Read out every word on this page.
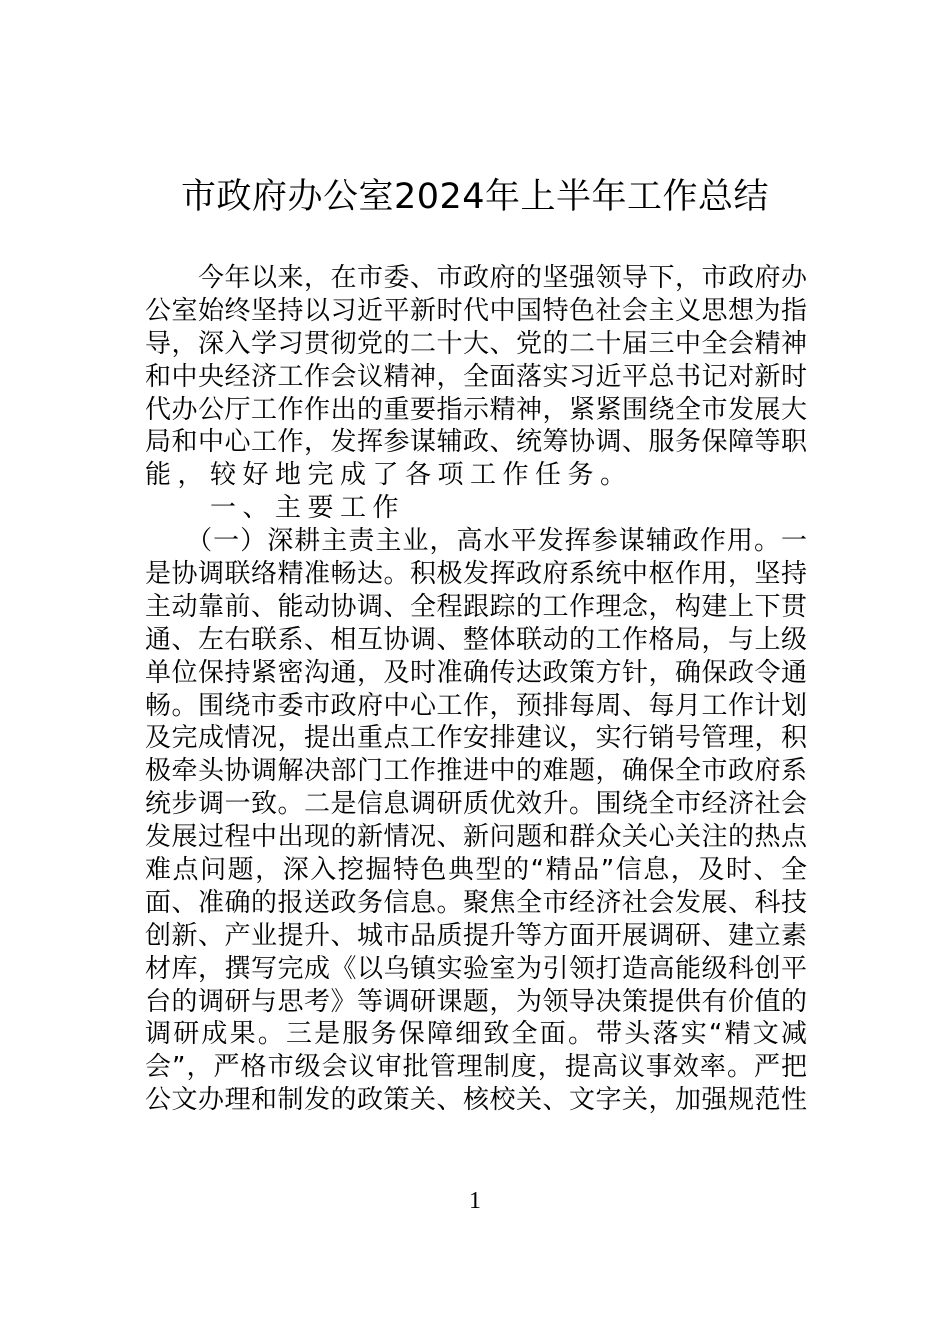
市政府办公室2024年上半年工作总结
　　今年以来，在市委、市政府的坚强领导下，市政府办
公室始终坚持以习近平新时代中国特色社会主义思想为指
导，深入学习贯彻党的二十大、党的二十届三中全会精神
和中央经济工作会议精神，全面落实习近平总书记对新时
代办公厅工作作出的重要指示精神，紧紧围绕全市发展大
局和中心工作，发挥参谋辅政、统筹协调、服务保障等职
能，较好地完成了各项工作任务。
　　一、主要工作
　　（一）深耕主责主业，高水平发挥参谋辅政作用。一
是协调联络精准畅达。积极发挥政府系统中枢作用，坚持
主动靠前、能动协调、全程跟踪的工作理念，构建上下贯
通、左右联系、相互协调、整体联动的工作格局，与上级
单位保持紧密沟通，及时准确传达政策方针，确保政令通
畅。围绕市委市政府中心工作，预排每周、每月工作计划
及完成情况，提出重点工作安排建议，实行销号管理，积
极牵头协调解决部门工作推进中的难题，确保全市政府系
统步调一致。二是信息调研质优效升。围绕全市经济社会
发展过程中出现的新情况、新问题和群众关心关注的热点
难点问题，深入挖掘特色典型的“精品”信息，及时、全
面、准确的报送政务信息。聚焦全市经济社会发展、科技
创新、产业提升、城市品质提升等方面开展调研、建立素
材库，撰写完成《以乌镇实验室为引领打造高能级科创平
台的调研与思考》等调研课题，为领导决策提供有价值的
调研成果。三是服务保障细致全面。带头落实“精文减
会”，严格市级会议审批管理制度，提高议事效率。严把
公文办理和制发的政策关、核校关、文字关，加强规范性
1
